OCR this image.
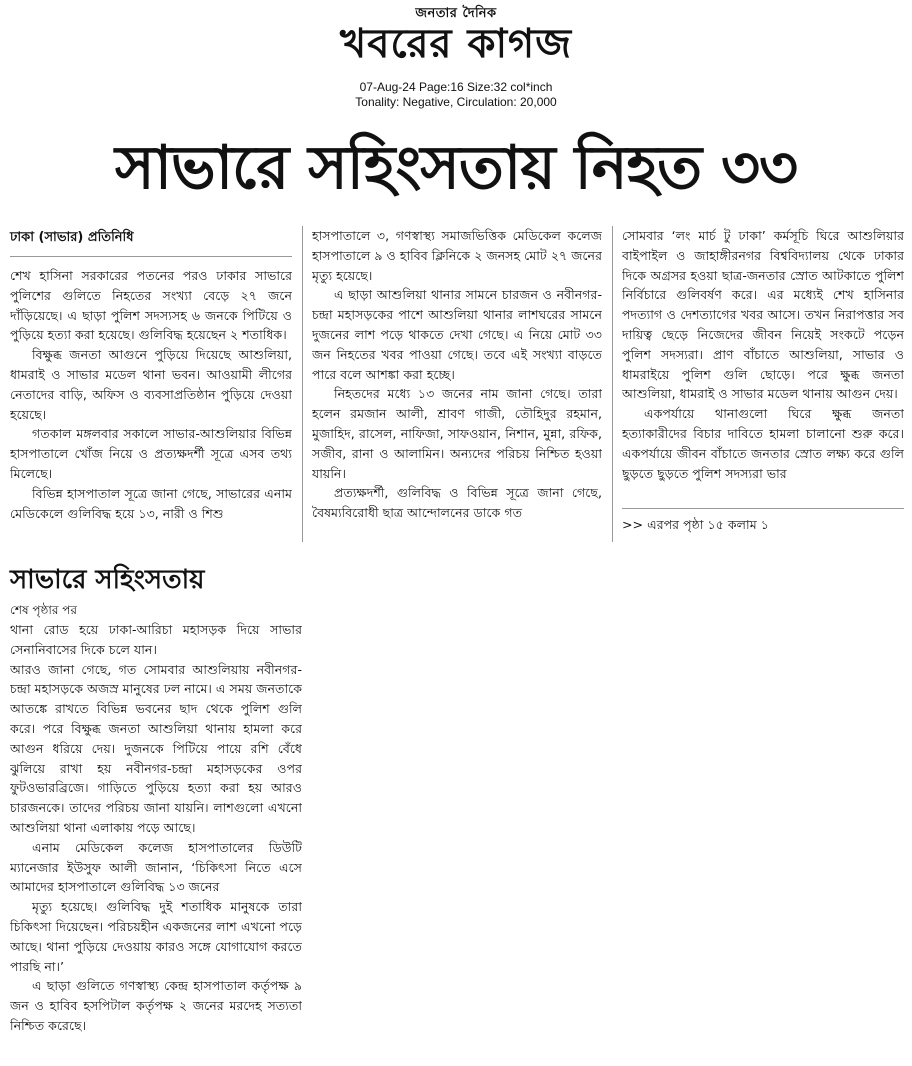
জনতার দৈনিক
খবরের কাগজ
07-Aug-24 Page:16 Size:32 col*inch
Tonality: Negative, Circulation: 20,000
সাভারে সহিংসতায় নিহত ৩৩
ঢাকা (সাভার) প্রতিনিধি

শেখ হাসিনা সরকারের পতনের পরও ঢাকার সাভারে পুলিশের গুলিতে নিহতের সংখ্যা বেড়ে ২৭ জনে দাঁড়িয়েছে। এ ছাড়া পুলিশ সদস্যসহ ৬ জনকে পিটিয়ে ও পুড়িয়ে হত্যা করা হয়েছে। গুলিবিদ্ধ হয়েছেন ২ শতাধিক।

বিক্ষুব্ধ জনতা আগুনে পুড়িয়ে দিয়েছে আশুলিয়া, ধামরাই ও সাভার মডেল থানা ভবন। আওয়ামী লীগের নেতাদের বাড়ি, অফিস ও ব্যবসাপ্রতিষ্ঠান পুড়িয়ে দেওয়া হয়েছে।

গতকাল মঙ্গলবার সকালে সাভার-আশুলিয়ার বিভিন্ন হাসপাতালে খোঁজ নিয়ে ও প্রত্যক্ষদর্শী সূত্রে এসব তথ্য মিলেছে।

বিভিন্ন হাসপাতাল সূত্রে জানা গেছে, সাভারের এনাম মেডিকেলে গুলিবিদ্ধ হয়ে ১৩, নারী ও শিশু

হাসপাতালে ৩, গণস্বাস্থ্য সমাজভিত্তিক মেডিকেল কলেজ হাসপাতালে ৯ ও হাবিব ক্লিনিকে ২ জনসহ মোট ২৭ জনের মৃত্যু হয়েছে।

এ ছাড়া আশুলিয়া থানার সামনে চারজন ও নবীনগর-চন্দ্রা মহাসড়কের পাশে আশুলিয়া থানার লাশঘরের সামনে দুজনের লাশ পড়ে থাকতে দেখা গেছে। এ নিয়ে মোট ৩৩ জন নিহতের খবর পাওয়া গেছে। তবে এই সংখ্যা বাড়তে পারে বলে আশঙ্কা করা হচ্ছে।

নিহতদের মধ্যে ১৩ জনের নাম জানা গেছে। তারা হলেন রমজান আলী, শ্রাবণ গাজী, তৌহিদুর রহমান, মুজাহিদ, রাসেল, নাফিজা, সাফওয়ান, নিশান, মুন্না, রফিক, সজীব, রানা ও আলামিন। অন্যদের পরিচয় নিশ্চিত হওয়া যায়নি।

প্রত্যক্ষদর্শী, গুলিবিদ্ধ ও বিভিন্ন সূত্রে জানা গেছে, বৈষম্যবিরোধী ছাত্র আন্দোলনের ডাকে গত

সোমবার ‘লং মার্চ টু ঢাকা’ কর্মসূচি ঘিরে আশুলিয়ার বাইপাইল ও জাহাঙ্গীরনগর বিশ্ববিদ্যালয় থেকে ঢাকার দিকে অগ্রসর হওয়া ছাত্র-জনতার স্রোত আটকাতে পুলিশ নির্বিচারে গুলিবর্ষণ করে। এর মধ্যেই শেখ হাসিনার পদত্যাগ ও দেশত্যাগের খবর আসে। তখন নিরাপত্তার সব দায়িত্ব ছেড়ে নিজেদের জীবন নিয়েই সংকটে পড়েন পুলিশ সদস্যরা। প্রাণ বাঁচাতে আশুলিয়া, সাভার ও ধামরাইয়ে পুলিশ গুলি ছোড়ে। পরে ক্ষুব্ধ জনতা আশুলিয়া, ধামরাই ও সাভার মডেল থানায় আগুন দেয়।

একপর্যায়ে থানাগুলো ঘিরে ক্ষুব্ধ জনতা হত্যাকারীদের বিচার দাবিতে হামলা চালানো শুরু করে। একপর্যায়ে জীবন বাঁচাতে জনতার স্রোত লক্ষ্য করে গুলি ছুড়তে ছুড়তে পুলিশ সদস্যরা ভার

>> এরপর পৃষ্ঠা ১৫ কলাম ১
সাভারে সহিংসতায়
শেষ পৃষ্ঠার পর

থানা রোড হয়ে ঢাকা-আরিচা মহাসড়ক দিয়ে সাভার সেনানিবাসের দিকে চলে যান।

আরও জানা গেছে, গত সোমবার আশুলিয়ায় নবীনগর-চন্দ্রা মহাসড়কে অজস্র মানুষের ঢল নামে। এ সময় জনতাকে আতঙ্কে রাখতে বিভিন্ন ভবনের ছাদ থেকে পুলিশ গুলি করে। পরে বিক্ষুব্ধ জনতা আশুলিয়া থানায় হামলা করে আগুন ধরিয়ে দেয়। দুজনকে পিটিয়ে পায়ে রশি বেঁধে ঝুলিয়ে রাখা হয় নবীনগর-চন্দ্রা মহাসড়কের ওপর ফুটওভারব্রিজে। গাড়িতে পুড়িয়ে হত্যা করা হয় আরও চারজনকে। তাদের পরিচয় জানা যায়নি। লাশগুলো এখনো আশুলিয়া থানা এলাকায় পড়ে আছে।

এনাম মেডিকেল কলেজ হাসপাতালের ডিউটি ম্যানেজার ইউসুফ আলী জানান, ‘চিকিৎসা নিতে এসে আমাদের হাসপাতালে গুলিবিদ্ধ ১৩ জনের

মৃত্যু হয়েছে। গুলিবিদ্ধ দুই শতাধিক মানুষকে তারা চিকিৎসা দিয়েছেন। পরিচয়হীন একজনের লাশ এখনো পড়ে আছে। থানা পুড়িয়ে দেওয়ায় কারও সঙ্গে যোগাযোগ করতে পারছি না।’

এ ছাড়া গুলিতে গণস্বাস্থ্য কেন্দ্র হাসপাতাল কর্তৃপক্ষ ৯ জন ও হাবিব হসপিটাল কর্তৃপক্ষ ২ জনের মরদেহ সত্যতা নিশ্চিত করেছে।
